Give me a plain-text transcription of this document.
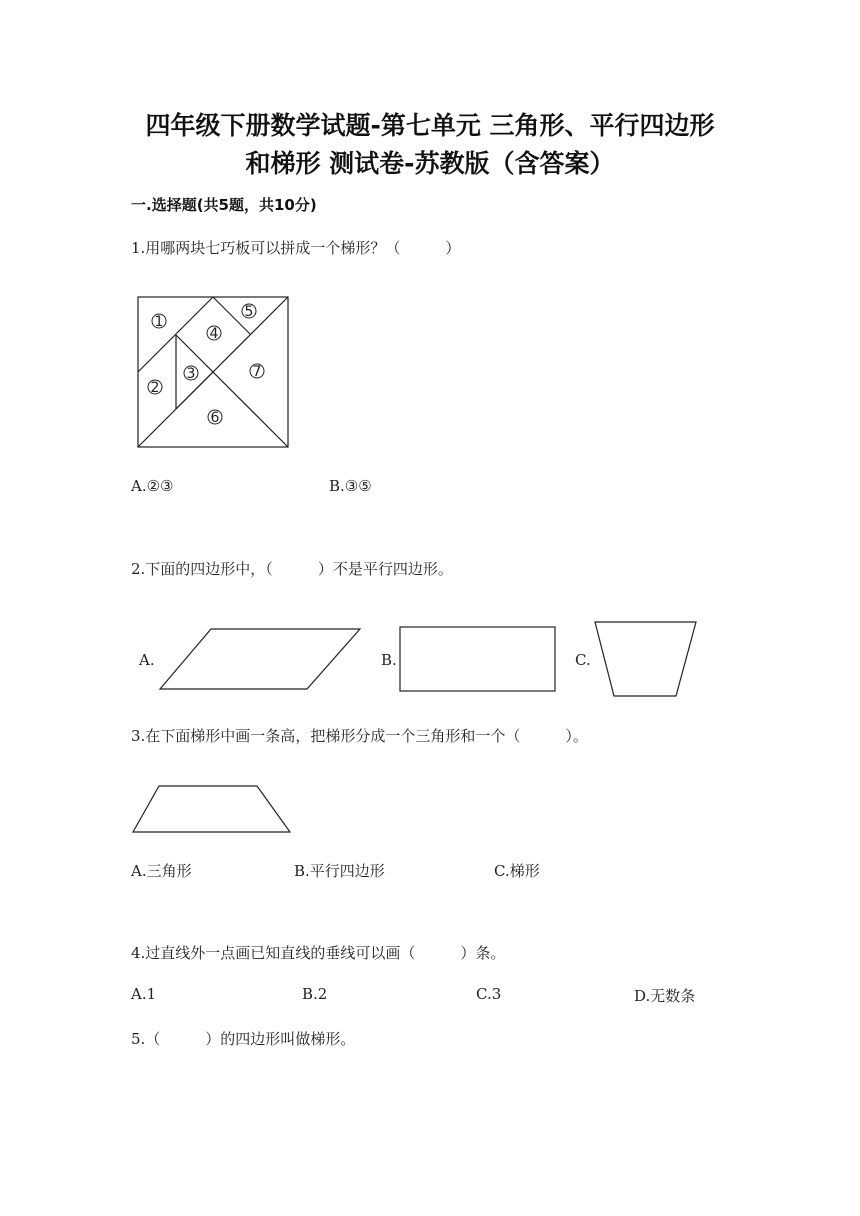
四年级下册数学试题-第七单元 三角形、平行四边形
和梯形 测试卷-苏教版（含答案）
一.选择题(共5题，共10分)
1.用哪两块七巧板可以拼成一个梯形？（　　　）
1
2
3
4
5
6
7
A.②③	B.③⑤
2.下面的四边形中，（　　　）不是平行四边形。
A.	B.	C.
3.在下面梯形中画一条高，把梯形分成一个三角形和一个（　　　）。
A.三角形	B.平行四边形	C.梯形
4.过直线外一点画已知直线的垂线可以画（　　　）条。
A.1	B.2	C.3	D.无数条
5.（　　　）的四边形叫做梯形。
